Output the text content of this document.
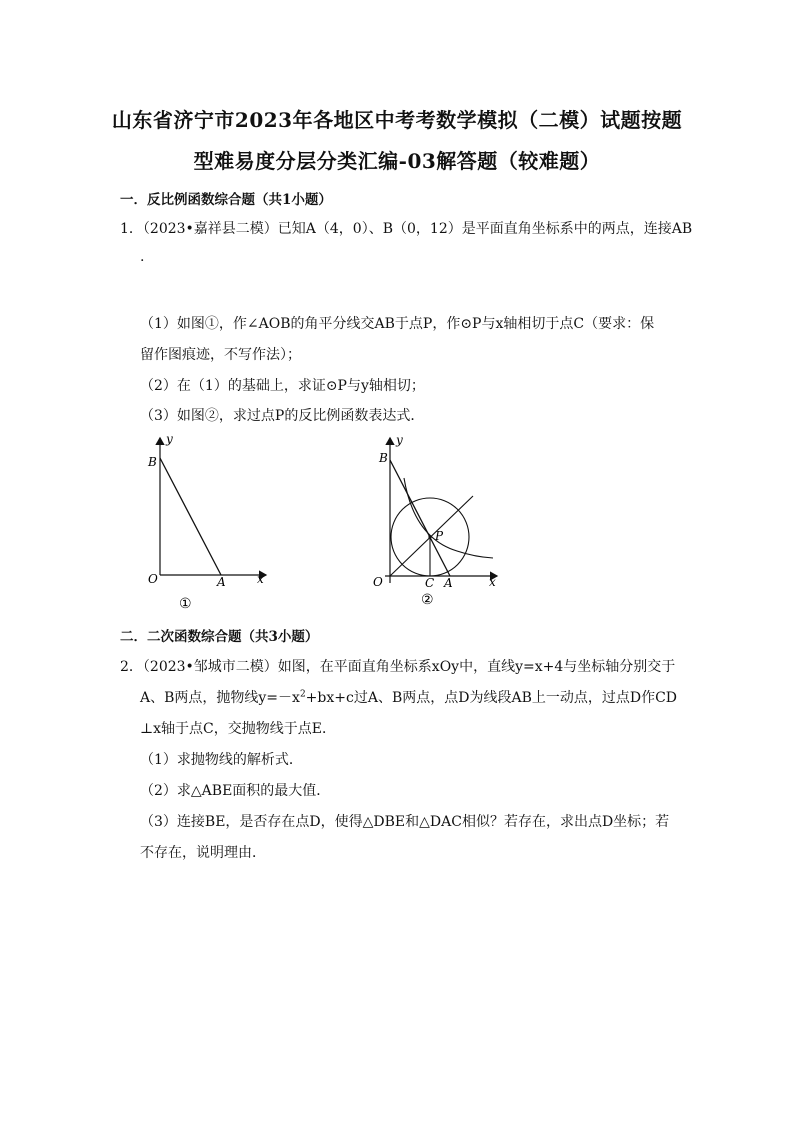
山东省济宁市2023年各地区中考考数学模拟（二模）试题按题
型难易度分层分类汇编-03解答题（较难题）
一．反比例函数综合题（共1小题）
1．（2023•嘉祥县二模）已知A（4，0）、B（0，12）是平面直角坐标系中的两点，连接AB
.
（1）如图①，作∠AOB的角平分线交AB于点P，作⊙P与x轴相切于点C（要求：保
留作图痕迹，不写作法）；
（2）在（1）的基础上，求证⊙P与y轴相切；
（3）如图②，求过点P的反比例函数表达式．
y
x
B
O	A
①
y
x
B
O	C A
P
②
二．二次函数综合题（共3小题）
2．（2023•邹城市二模）如图，在平面直角坐标系xOy中，直线y=x+4与坐标轴分别交于
A、B两点，抛物线$y=-x^2+bx+c$过A、B两点，点D为线段AB上一动点，过点D作CD
⊥x轴于点C，交抛物线于点E．
（1）求抛物线的解析式．
（2）求△ABE面积的最大值．
（3）连接BE，是否存在点D，使得△DBE和△DAC相似？若存在，求出点D坐标；若
不存在，说明理由．
